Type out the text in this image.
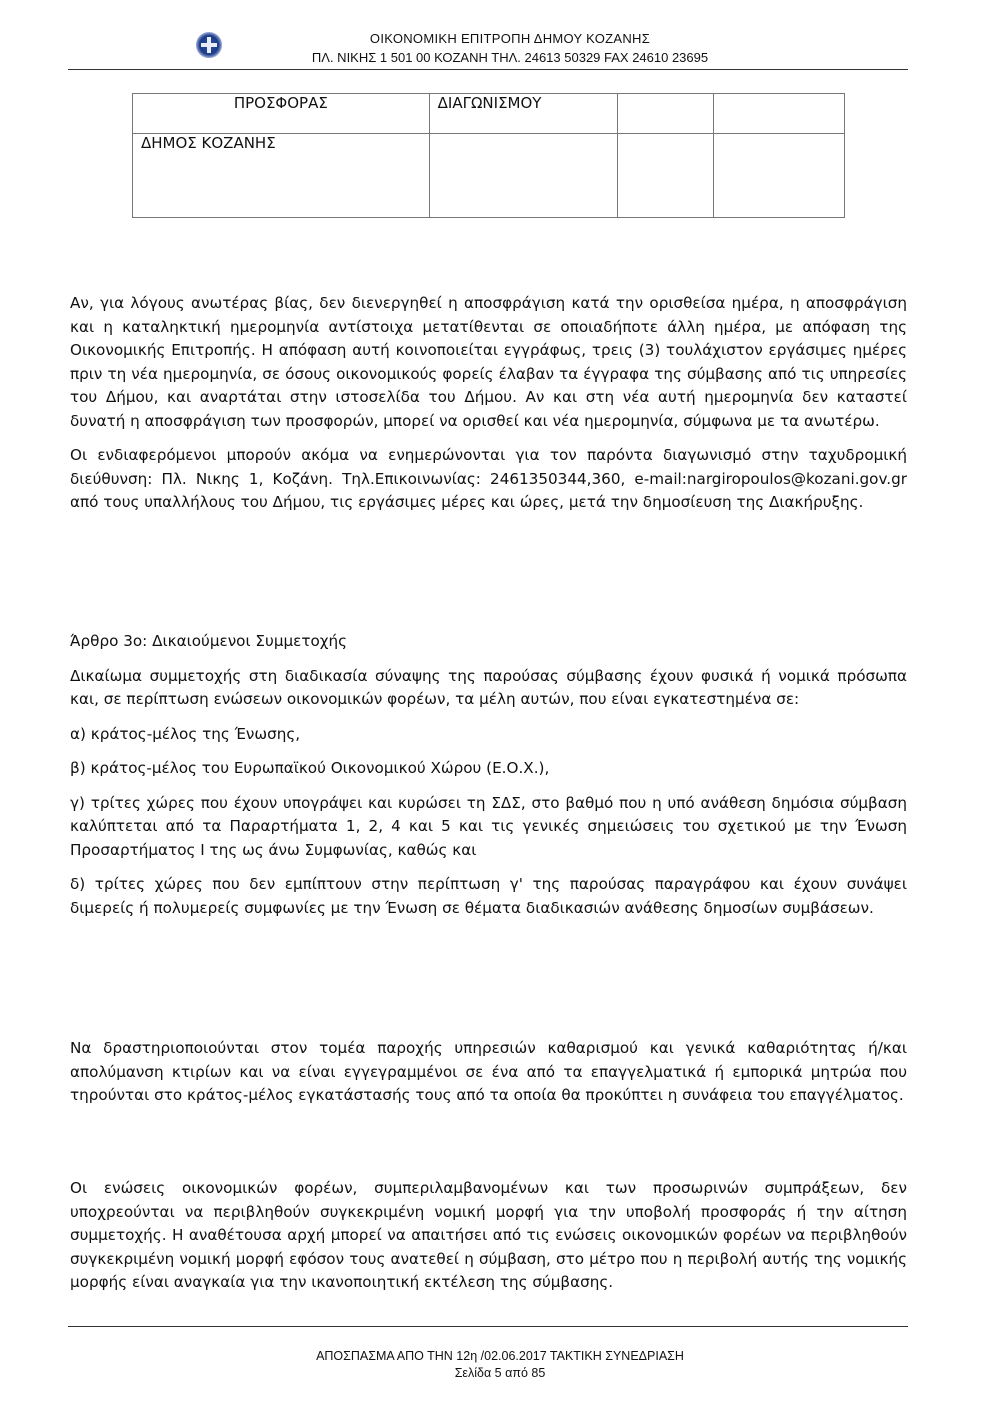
ΟΙΚΟΝΟΜΙΚΗ ΕΠΙΤΡΟΠΗ ΔΗΜΟΥ ΚΟΖΑΝΗΣ
ΠΛ. ΝΙΚΗΣ 1 501 00 ΚΟΖΑΝΗ ΤΗΛ. 24613 50329 FAX 24610 23695
ΠΡΟΣΦΟΡΑΣ	ΔΙΑΓΩΝΙΣΜΟΥ		
ΔΗΜΟΣ ΚΟΖΑΝΗΣ			

Αν, για λόγους ανωτέρας βίας, δεν διενεργηθεί η αποσφράγιση κατά την ορισθείσα ημέρα, η αποσφράγιση και η καταληκτική ημερομηνία αντίστοιχα μετατίθενται σε οποιαδήποτε άλλη ημέρα, με απόφαση της Οικονομικής Επιτροπής. Η απόφαση αυτή κοινοποιείται εγγράφως, τρεις (3) τουλάχιστον εργάσιμες ημέρες πριν τη νέα ημερομηνία, σε όσους οικονομικούς φορείς έλαβαν τα έγγραφα της σύμβασης από τις υπηρεσίες του Δήμου, και αναρτάται στην ιστοσελίδα του Δήμου. Αν και στη νέα αυτή ημερομηνία δεν καταστεί δυνατή η αποσφράγιση των προσφορών, μπορεί να ορισθεί και νέα ημερομηνία, σύμφωνα με τα ανωτέρω.

Οι ενδιαφερόμενοι μπορούν ακόμα να ενημερώνονται για τον παρόντα διαγωνισμό στην ταχυδρομική διεύθυνση: Πλ. Νικης 1, Κοζάνη. Τηλ.Επικοινωνίας: 2461350344,360, e-mail:nargiropoulos@kozani.gov.gr από τους υπαλλήλους του Δήμου, τις εργάσιμες μέρες και ώρες, μετά την δημοσίευση της Διακήρυξης.

Άρθρο 3ο: Δικαιούμενοι Συμμετοχής

Δικαίωμα συμμετοχής στη διαδικασία σύναψης της παρούσας σύμβασης έχουν φυσικά ή νομικά πρόσωπα και, σε περίπτωση ενώσεων οικονομικών φορέων, τα μέλη αυτών, που είναι εγκατεστημένα σε:

α) κράτος-μέλος της Ένωσης,

β) κράτος-μέλος του Ευρωπαϊκού Οικονομικού Χώρου (Ε.Ο.Χ.),

γ) τρίτες χώρες που έχουν υπογράψει και κυρώσει τη ΣΔΣ, στο βαθμό που η υπό ανάθεση δημόσια σύμβαση καλύπτεται από τα Παραρτήματα 1, 2, 4 και 5 και τις γενικές σημειώσεις του σχετικού με την Ένωση Προσαρτήματος Ι της ως άνω Συμφωνίας, καθώς και

δ) τρίτες χώρες που δεν εμπίπτουν στην περίπτωση γ' της παρούσας παραγράφου και έχουν συνάψει διμερείς ή πολυμερείς συμφωνίες με την Ένωση σε θέματα διαδικασιών ανάθεσης δημοσίων συμβάσεων.

Να δραστηριοποιούνται στον τομέα παροχής υπηρεσιών καθαρισμού και γενικά καθαριότητας ή/και απολύμανση κτιρίων και να είναι εγγεγραμμένοι σε ένα από τα επαγγελματικά ή εμπορικά μητρώα που τηρούνται στο κράτος-μέλος εγκατάστασής τους από τα οποία θα προκύπτει η συνάφεια του επαγγέλματος.

Οι ενώσεις οικονομικών φορέων, συμπεριλαμβανομένων και των προσωρινών συμπράξεων, δεν υποχρεούνται να περιβληθούν συγκεκριμένη νομική μορφή για την υποβολή προσφοράς ή την αίτηση συμμετοχής. Η αναθέτουσα αρχή μπορεί να απαιτήσει από τις ενώσεις οικονομικών φορέων να περιβληθούν συγκεκριμένη νομική μορφή εφόσον τους ανατεθεί η σύμβαση, στο μέτρο που η περιβολή αυτής της νομικής μορφής είναι αναγκαία για την ικανοποιητική εκτέλεση της σύμβασης.

ΑΠΟΣΠΑΣΜΑ ΑΠΟ ΤΗΝ 12η /02.06.2017 ΤΑΚΤΙΚΗ ΣΥΝΕΔΡΙΑΣΗ
Σελίδα 5 από 85
